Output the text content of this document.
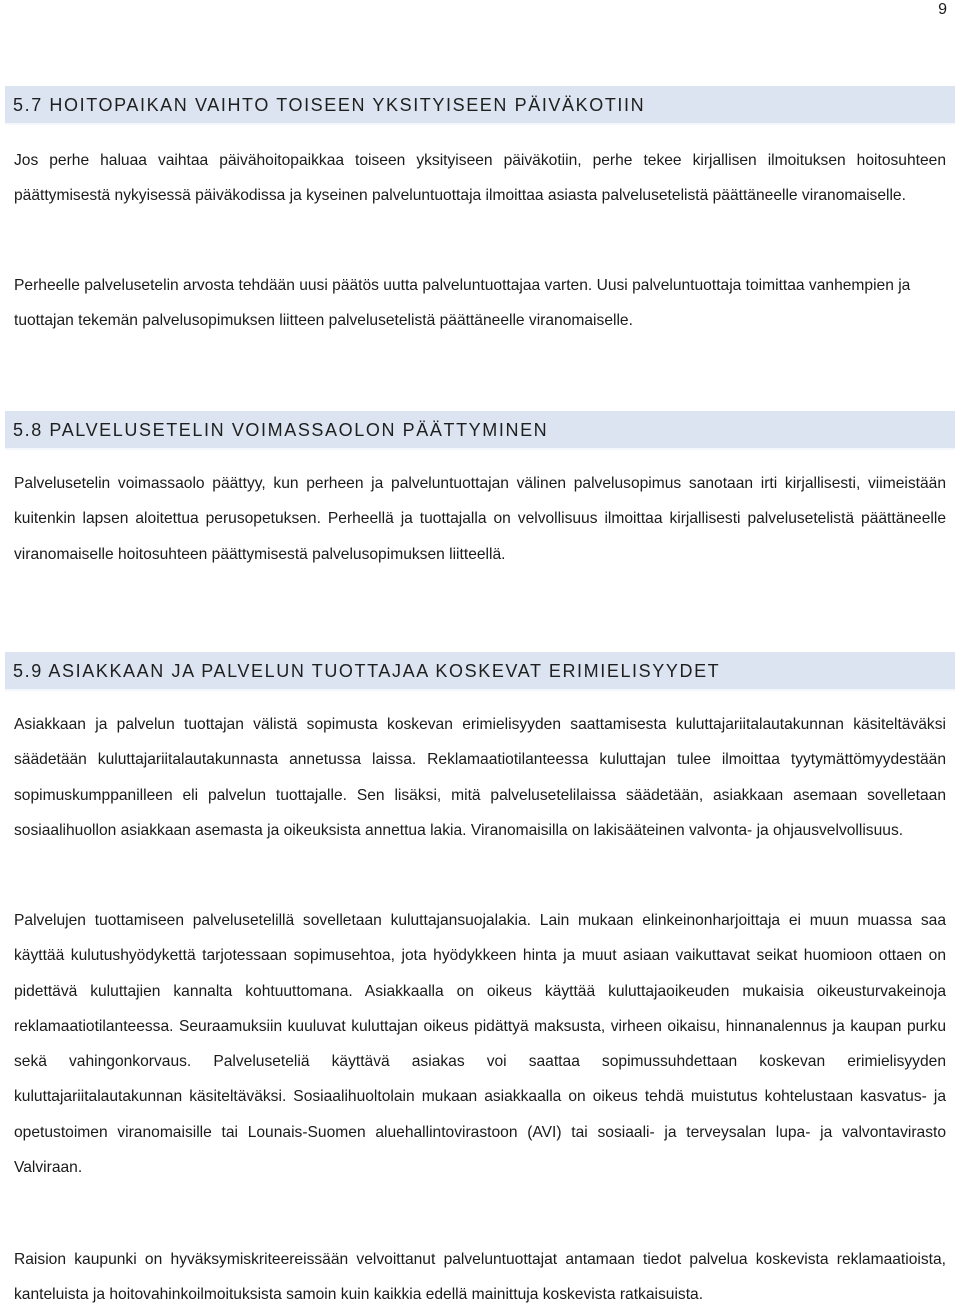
9
5.7 HOITOPAIKAN VAIHTO TOISEEN YKSITYISEEN PÄIVÄKOTIIN

Jos perhe haluaa vaihtaa päivähoitopaikkaa toiseen yksityiseen päiväkotiin, perhe tekee kirjallisen ilmoituksen hoitosuhteen päättymisestä nykyisessä päiväkodissa ja kyseinen palveluntuottaja ilmoittaa asiasta palvelusetelistä päättäneelle viranomaiselle.

Perheelle palvelusetelin arvosta tehdään uusi päätös uutta palveluntuottajaa varten. Uusi palveluntuottaja toimittaa vanhempien ja tuottajan tekemän palvelusopimuksen liitteen palvelusetelistä päättäneelle viranomaiselle.

5.8 PALVELUSETELIN VOIMASSAOLON PÄÄTTYMINEN

Palvelusetelin voimassaolo päättyy, kun perheen ja palveluntuottajan välinen palvelusopimus sanotaan irti kirjallisesti, viimeistään kuitenkin lapsen aloitettua perusopetuksen. Perheellä ja tuottajalla on velvollisuus ilmoittaa kirjallisesti palvelusetelistä päättäneelle viranomaiselle hoitosuhteen päättymisestä palvelusopimuksen liitteellä.

5.9 ASIAKKAAN JA PALVELUN TUOTTAJAA KOSKEVAT ERIMIELISYYDET

Asiakkaan ja palvelun tuottajan välistä sopimusta koskevan erimielisyyden saattamisesta kuluttajariitalautakunnan käsiteltäväksi säädetään kuluttajariitalautakunnasta annetussa laissa. Reklamaatiotilanteessa kuluttajan tulee ilmoittaa tyytymättömyydestään sopimuskumppanilleen eli palvelun tuottajalle. Sen lisäksi, mitä palvelusetelilaissa säädetään, asiakkaan asemaan sovelletaan sosiaalihuollon asiakkaan asemasta ja oikeuksista annettua lakia. Viranomaisilla on lakisääteinen valvonta- ja ohjausvelvollisuus.

Palvelujen tuottamiseen palvelusetelillä sovelletaan kuluttajansuojalakia. Lain mukaan elinkeinonharjoittaja ei muun muassa saa käyttää kulutushyödykettä tarjotessaan sopimusehtoa, jota hyödykkeen hinta ja muut asiaan vaikuttavat seikat huomioon ottaen on pidettävä kuluttajien kannalta kohtuuttomana. Asiakkaalla on oikeus käyttää kuluttajaoikeuden mukaisia oikeusturvakeinoja reklamaatiotilanteessa. Seuraamuksiin kuuluvat kuluttajan oikeus pidättyä maksusta, virheen oikaisu, hinnanalennus ja kaupan purku sekä vahingonkorvaus. Palveluseteliä käyttävä asiakas voi saattaa sopimussuhdettaan koskevan erimielisyyden kuluttajariitalautakunnan käsiteltäväksi. Sosiaalihuoltolain mukaan asiakkaalla on oikeus tehdä muistutus kohtelustaan kasvatus- ja opetustoimen viranomaisille tai Lounais-Suomen aluehallintovirastoon (AVI) tai sosiaali- ja terveysalan lupa- ja valvontavirasto Valviraan.

Raision kaupunki on hyväksymiskriteereissään velvoittanut palveluntuottajat antamaan tiedot palvelua koskevista reklamaatioista, kanteluista ja hoitovahinkoilmoituksista samoin kuin kaikkia edellä mainittuja koskevista ratkaisuista.
